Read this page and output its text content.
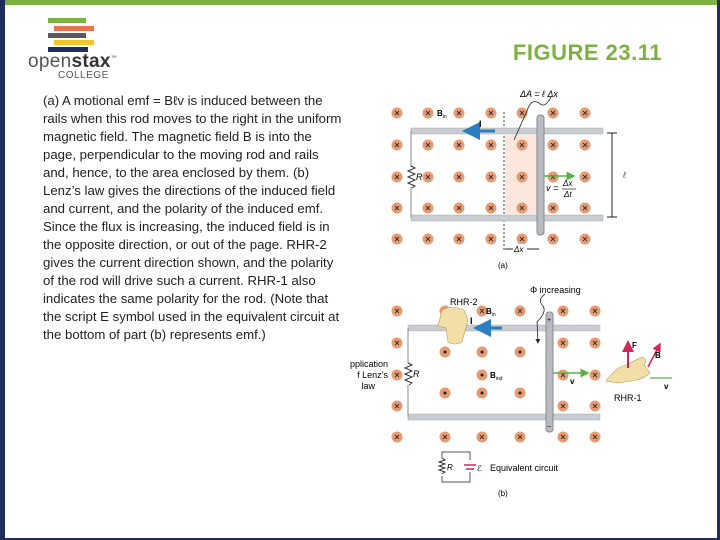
openstax™
COLLEGE
FIGURE 23.11
(a) A motional emf = Bℓv is induced between the rails when this rod moves to the right in the uniform magnetic field. The magnetic field B is into the page, perpendicular to the moving rod and rails and, hence, to the area enclosed by them. (b) Lenz’s law gives the directions of the induced field and current, and the polarity of the induced emf. Since the flux is increasing, the induced field is in the opposite direction, or out of the page. RHR-2 gives the current direction shown, and the polarity of the rod will drive such a current. RHR-1 also indicates the same polarity for the rod. (Note that the script E symbol used in the equivalent circuit at the bottom of part (b) represents emf.)
ΔA = ℓ Δx
$B_{in}$
I
R	ℓ
v = Δx
Δt
Δx
(a)
Φ increasing
RHR-2
$B_{in}$
I
pplication
f Lenz’s
law
R	$B_{ind}$	v
F
B
v
RHR-1
+
−
R	ℰ Equivalent circuit
(b)
